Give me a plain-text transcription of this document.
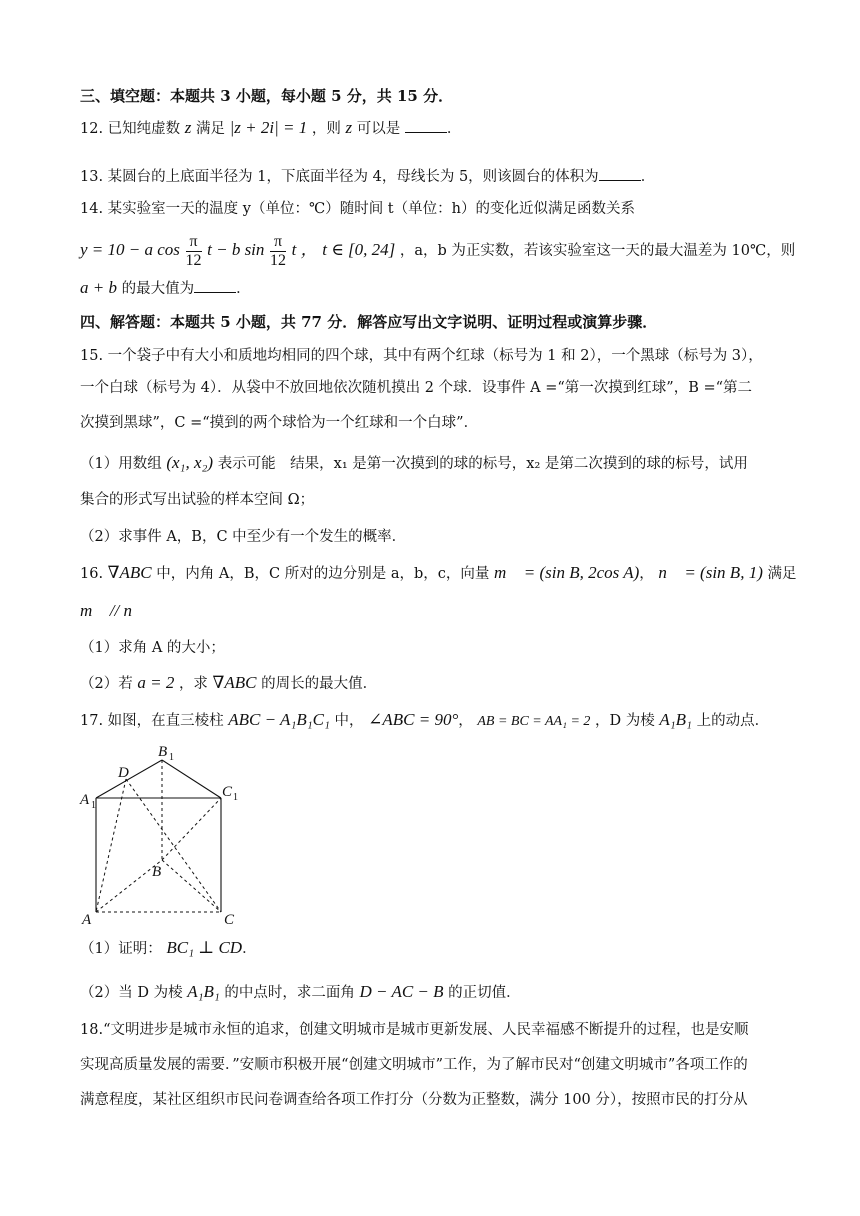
三、填空题：本题共 3 小题，每小题 5 分，共 15 分．
12. 已知纯虚数 z 满足 |z + 2i| = 1 ，则 z 可以是	．
13. 某圆台的上底面半径为 1，下底面半径为 4，母线长为 5，则该圆台的体积为	．
14. 某实验室一天的温度 y（单位：℃）随时间 t（单位：h）的变化近似满足函数关系
y = 10 − a $\cos \frac{\pi}{12}$ t − b $\sin \frac{\pi}{12}$ t ， t ∈ [0, 24] ，a，b 为正实数，若该实验室这一天的最大温差为 10℃，则
a + b 的最大值为	．
四、解答题：本题共 5 小题，共 77 分．解答应写出文字说明、证明过程或演算步骤．
15. 一个袋子中有大小和质地均相同的四个球，其中有两个红球（标号为 1 和 2），一个黑球（标号为 3），
一个白球（标号为 4）．从袋中不放回地依次随机摸出 2 个球．设事件 A =“第一次摸到红球”，B =“第二
次摸到黑球”，C =“摸到的两个球恰为一个红球和一个白球”．
（1）用数组 (x₁, x₂) 表示可能　结果，x₁ 是第一次摸到的球的标号，x₂ 是第二次摸到的球的标号，试用
集合的形式写出试验的样本空间 Ω；
（2）求事件 A，B，C 中至少有一个发生的概率．
16. ∇ABC 中，内角 A，B，C 所对的边分别是 a，b，c，向量 m⃗ = (sin B, 2cos A)， n⃗ = (sin B, 1) 满足
m⃗ // n⃗ ．
（1）求角 A 的大小；
（2）若 a = 2 ，求 ∇ABC 的周长的最大值．
17. 如图，在直三棱柱 ABC − A₁B₁C₁ 中， ∠ABC = 90°， AB = BC = AA₁ = 2 ，D 为棱 A₁B₁ 上的动点．
A 1
B 1
C 1
D
B
A	C
（1）证明： BC₁ ⊥ CD．
（2）当 D 为棱 A₁B₁ 的中点时，求二面角 D − AC − B 的正切值．
18.“文明进步是城市永恒的追求，创建文明城市是城市更新发展、人民幸福感不断提升的过程，也是安顺
实现高质量发展的需要．”安顺市积极开展“创建文明城市”工作，为了解市民对“创建文明城市”各项工作的
满意程度，某社区组织市民问卷调查给各项工作打分（分数为正整数，满分 100 分），按照市民的打分从
